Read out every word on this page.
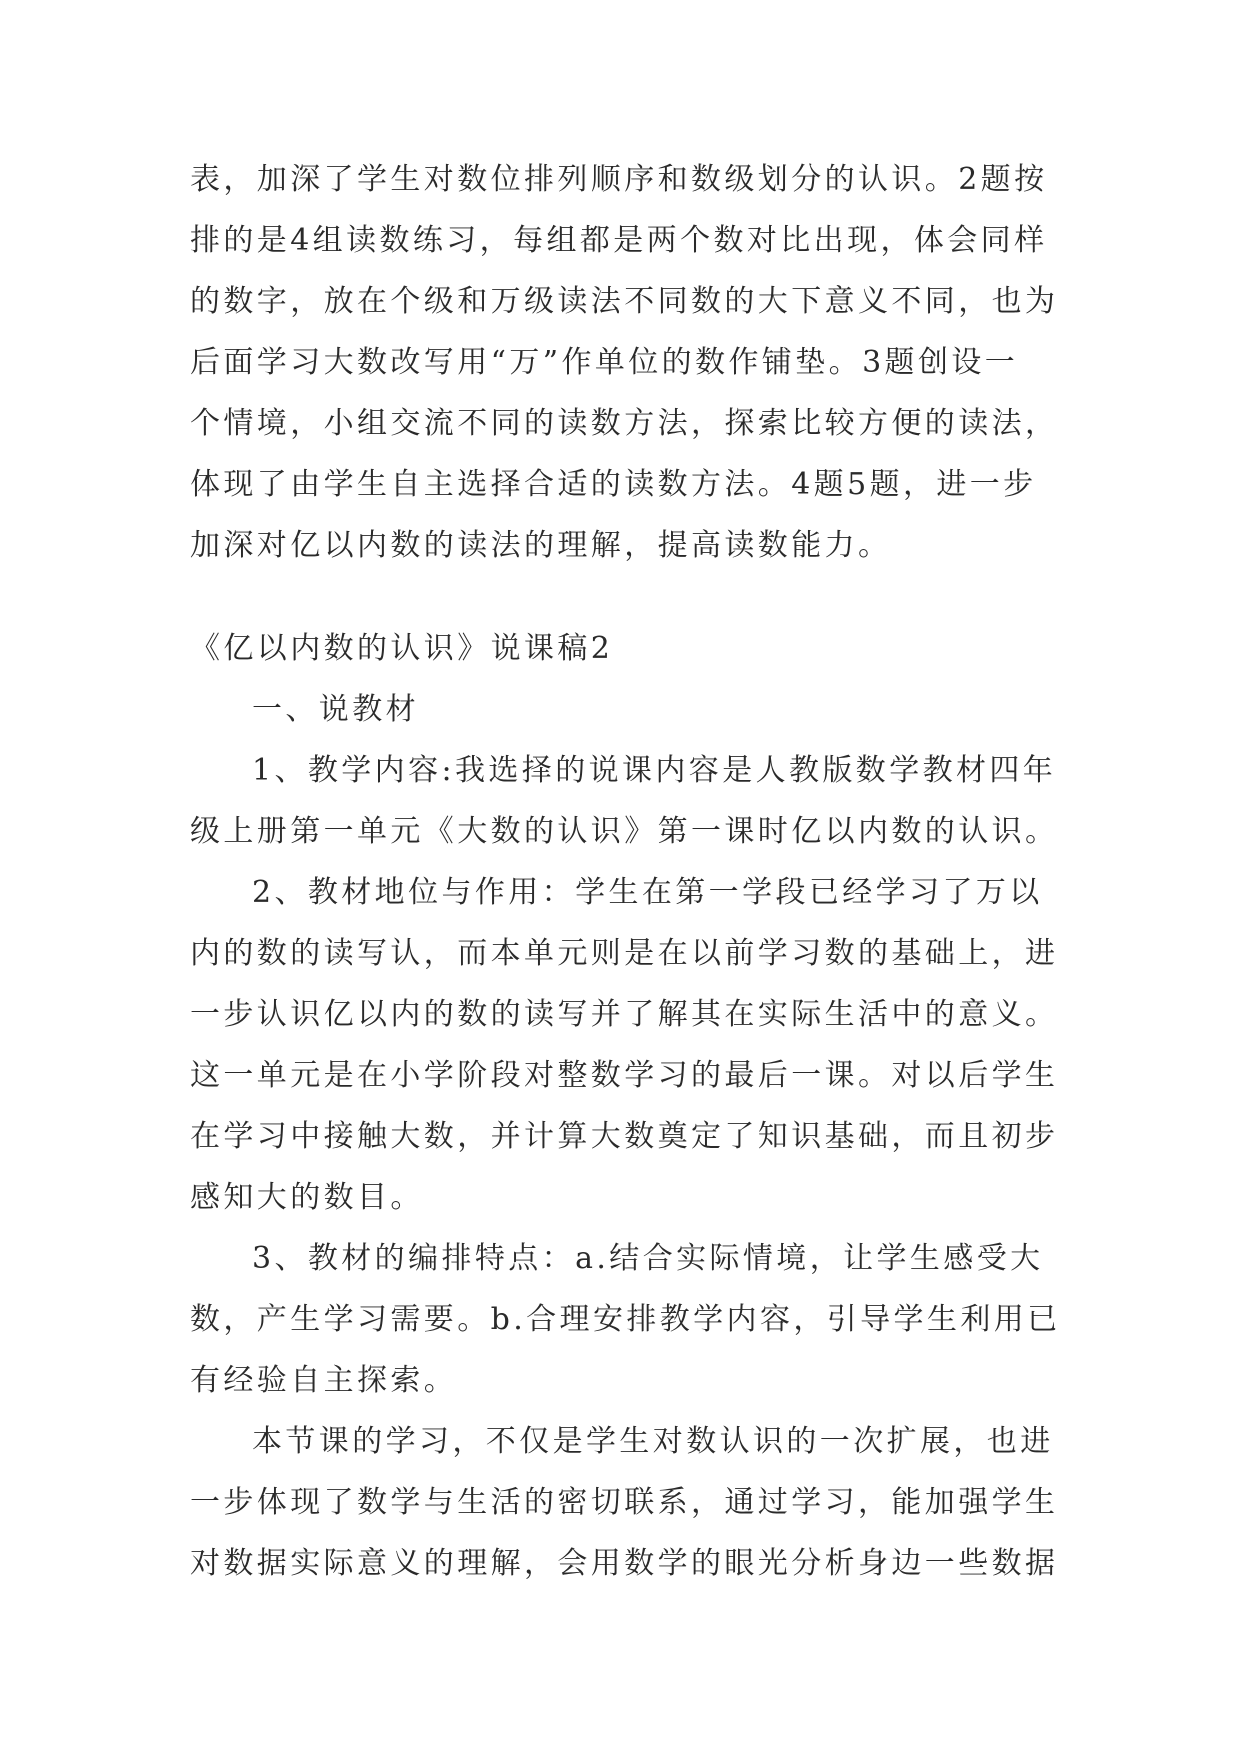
表，加深了学生对数位排列顺序和数级划分的认识。2题按
排的是4组读数练习，每组都是两个数对比出现，体会同样
的数字，放在个级和万级读法不同数的大下意义不同，也为
后面学习大数改写用“万”作单位的数作铺垫。3题创设一
个情境，小组交流不同的读数方法，探索比较方便的读法，
体现了由学生自主选择合适的读数方法。4题5题，进一步
加深对亿以内数的读法的理解，提高读数能力。
《亿以内数的认识》说课稿2
一、说教材
1、教学内容:我选择的说课内容是人教版数学教材四年
级上册第一单元《大数的认识》第一课时亿以内数的认识。
2、教材地位与作用：学生在第一学段已经学习了万以
内的数的读写认，而本单元则是在以前学习数的基础上，进
一步认识亿以内的数的读写并了解其在实际生活中的意义。
这一单元是在小学阶段对整数学习的最后一课。对以后学生
在学习中接触大数，并计算大数奠定了知识基础，而且初步
感知大的数目。
3、教材的编排特点：a.结合实际情境，让学生感受大
数，产生学习需要。b.合理安排教学内容，引导学生利用已
有经验自主探索。
本节课的学习，不仅是学生对数认识的一次扩展，也进
一步体现了数学与生活的密切联系，通过学习，能加强学生
对数据实际意义的理解，会用数学的眼光分析身边一些数据
